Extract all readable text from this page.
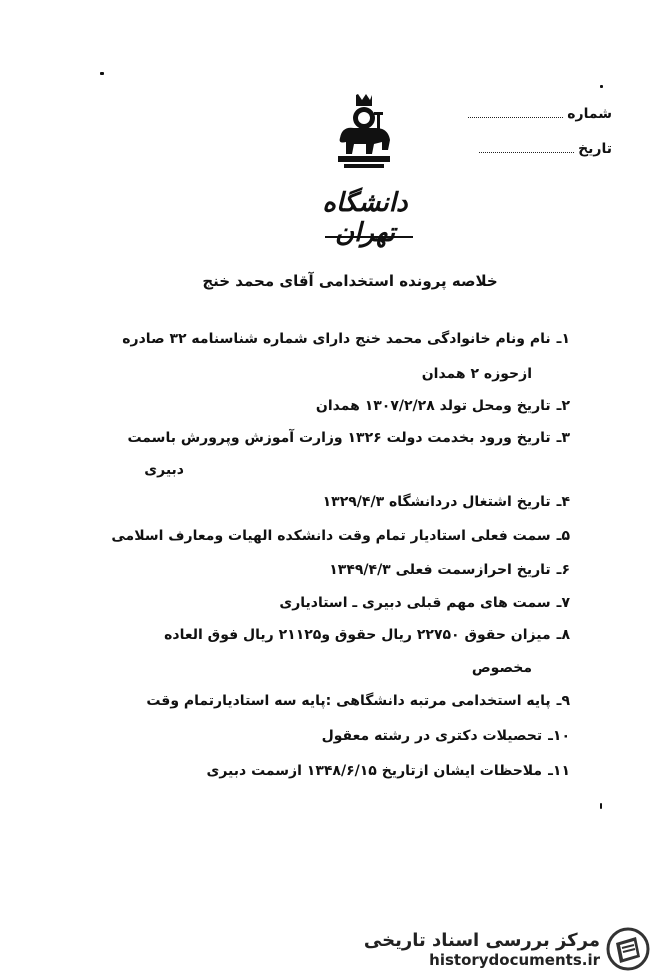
شماره
تاریخ
دانشگاه تهران
خلاصه پرونده استخدامی آقای محمد خنج
۱ـنام ونام خانوادگی محمد خنج دارای شماره شناسنامه ۳۲ صادره
ازحوزه ۲ همدان
۲ـتاریخ ومحل تولد ۱۳۰۷/۲/۲۸ همدان
۳ـتاریخ ورود بخدمت دولت ۱۳۲۶ وزارت آموزش وپرورش باسمت
دبیری
۴ـتاریخ اشتغال دردانشگاه ۱۳۲۹/۴/۳
۵ـسمت فعلی استادیار تمام وقت دانشکده الهیات ومعارف اسلامی
۶ـتاریخ احرازسمت فعلی ۱۳۴۹/۴/۳
۷ـسمت های مهم قبلی دبیری ـ استادیاری
۸ـمیزان حقوق ۲۲۷۵۰ ریال حقوق و۲۱۱۲۵ ریال فوق العاده
مخصوص
۹ـپایه استخدامی مرتبه دانشگاهی :پایه سه استادیارتمام وقت
۱۰ـتحصیلات دکتری در رشته معقول
۱۱ـملاحظات ایشان ازتاریخ ۱۳۴۸/۶/۱۵ ازسمت دبیری
مرکز بررسی اسناد تاریخی
historydocuments.ir
